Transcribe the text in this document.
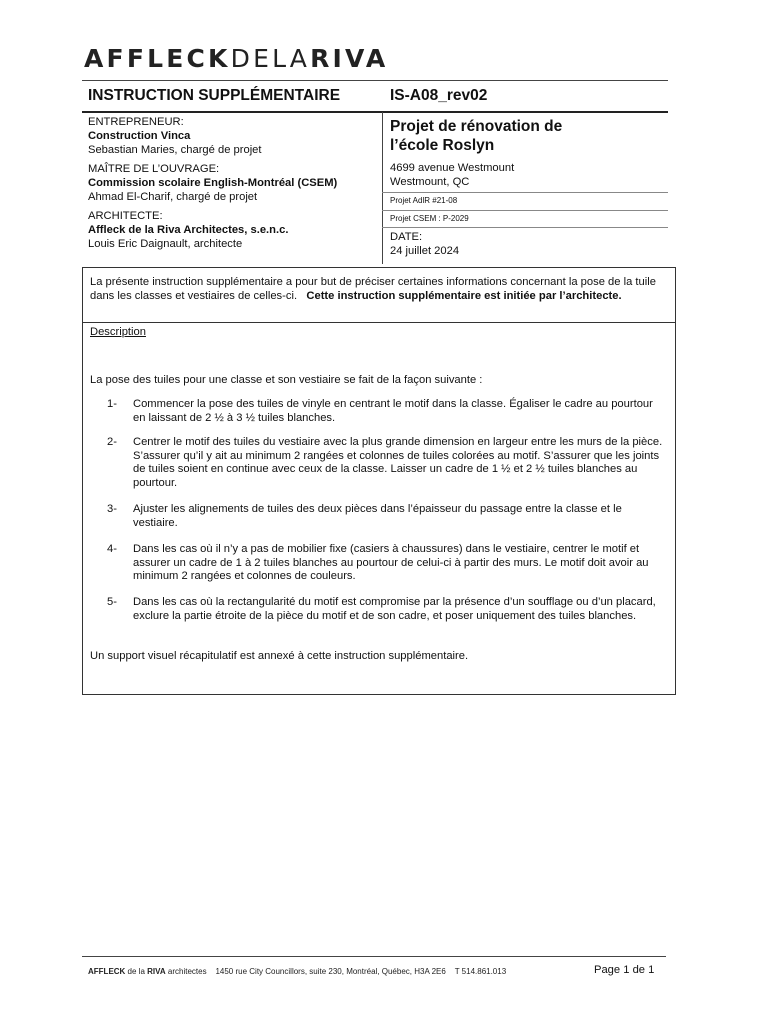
AFFLECKDELARIVA
INSTRUCTION SUPPLÉMENTAIRE	IS-A08_rev02
ENTREPRENEUR:
Construction Vinca
Sebastian Maries, chargé de projet
MAÎTRE DE L’OUVRAGE:
Commission scolaire English-Montréal (CSEM)
Ahmad El-Charif, chargé de projet
ARCHITECTE:
Affleck de la Riva Architectes, s.e.n.c.
Louis Eric Daignault, architecte
Projet de rénovation de
l’école Roslyn
4699 avenue Westmount
Westmount, QC
Projet AdlR #21-08
Projet CSEM : P-2029
DATE:
24 juillet 2024
La présente instruction supplémentaire a pour but de préciser certaines informations concernant la pose de la tuile dans les classes et vestiaires de celles-ci. Cette instruction supplémentaire est initiée par l’architecte.
Description
La pose des tuiles pour une classe et son vestiaire se fait de la façon suivante :
1-	Commencer la pose des tuiles de vinyle en centrant le motif dans la classe. Égaliser le cadre au pourtour en laissant de 2 ½ à 3 ½ tuiles blanches.
2-	Centrer le motif des tuiles du vestiaire avec la plus grande dimension en largeur entre les murs de la pièce. S’assurer qu’il y ait au minimum 2 rangées et colonnes de tuiles colorées au motif. S’assurer que les joints de tuiles soient en continue avec ceux de la classe. Laisser un cadre de 1 ½ et 2 ½ tuiles blanches au pourtour.
3-	Ajuster les alignements de tuiles des deux pièces dans l’épaisseur du passage entre la classe et le vestiaire.
4-	Dans les cas où il n’y a pas de mobilier fixe (casiers à chaussures) dans le vestiaire, centrer le motif et assurer un cadre de 1 à 2 tuiles blanches au pourtour de celui-ci à partir des murs. Le motif doit avoir au minimum 2 rangées et colonnes de couleurs.
5-	Dans les cas où la rectangularité du motif est compromise par la présence d’un soufflage ou d’un placard, exclure la partie étroite de la pièce du motif et de son cadre, et poser uniquement des tuiles blanches.
Un support visuel récapitulatif est annexé à cette instruction supplémentaire.
AFFLECK de la RIVA architectes 1450 rue City Councillors, suite 230, Montréal, Québec, H3A 2E6 T 514.861.013	Page 1 de 1
